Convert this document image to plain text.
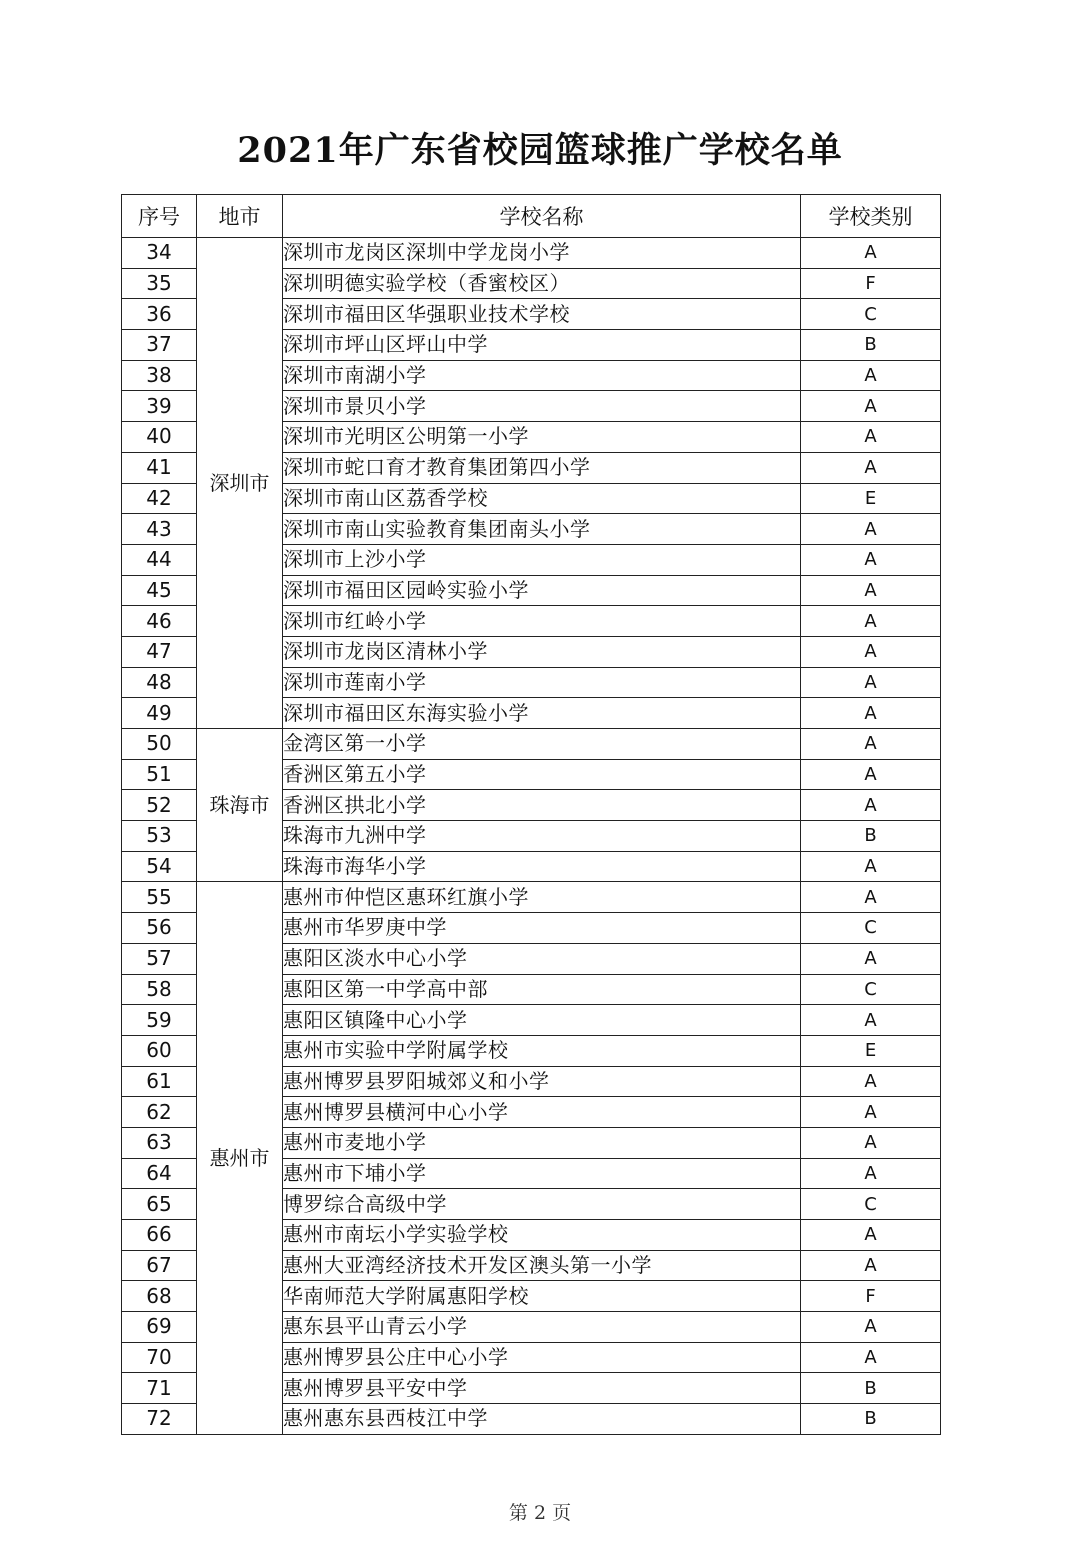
2021年广东省校园篮球推广学校名单
序号	地市	学校名称	学校类别
34	深圳市	深圳市龙岗区深圳中学龙岗小学	A
35		深圳明德实验学校（香蜜校区）	F
36		深圳市福田区华强职业技术学校	C
37		深圳市坪山区坪山中学	B
38		深圳市南湖小学	A
39		深圳市景贝小学	A
40		深圳市光明区公明第一小学	A
41		深圳市蛇口育才教育集团第四小学	A
42		深圳市南山区荔香学校	E
43		深圳市南山实验教育集团南头小学	A
44		深圳市上沙小学	A
45		深圳市福田区园岭实验小学	A
46		深圳市红岭小学	A
47		深圳市龙岗区清林小学	A
48		深圳市莲南小学	A
49		深圳市福田区东海实验小学	A
50	珠海市	金湾区第一小学	A
51		香洲区第五小学	A
52		香洲区拱北小学	A
53		珠海市九洲中学	B
54		珠海市海华小学	A
55	惠州市	惠州市仲恺区惠环红旗小学	A
56		惠州市华罗庚中学	C
57		惠阳区淡水中心小学	A
58		惠阳区第一中学高中部	C
59		惠阳区镇隆中心小学	A
60		惠州市实验中学附属学校	E
61		惠州博罗县罗阳城郊义和小学	A
62		惠州博罗县横河中心小学	A
63		惠州市麦地小学	A
64		惠州市下埔小学	A
65		博罗综合高级中学	C
66		惠州市南坛小学实验学校	A
67		惠州大亚湾经济技术开发区澳头第一小学	A
68		华南师范大学附属惠阳学校	F
69		惠东县平山青云小学	A
70		惠州博罗县公庄中心小学	A
71		惠州博罗县平安中学	B
72		惠州惠东县西枝江中学	B
第 2 页
